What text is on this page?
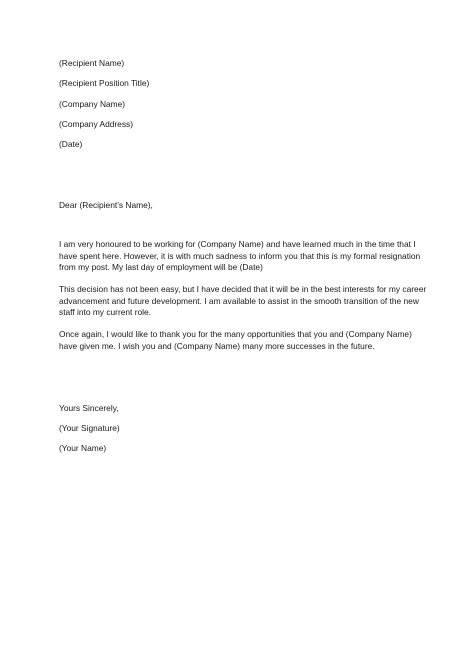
(Recipient Name)
(Recipient Position Title)
(Company Name)
(Company Address)
(Date)
Dear (Recipient’s Name),
I am very honoured to be working for (Company Name) and have learned much in the time that I
have spent here. However, it is with much sadness to inform you that this is my formal resignation
from my post. My last day of employment will be (Date)
This decision has not been easy, but I have decided that it will be in the best interests for my career
advancement and future development. I am available to assist in the smooth transition of the new
staff into my current role.
Once again, I would like to thank you for the many opportunities that you and (Company Name)
have given me. I wish you and (Company Name) many more successes in the future.
Yours Sincerely,
(Your Signature)
(Your Name)
